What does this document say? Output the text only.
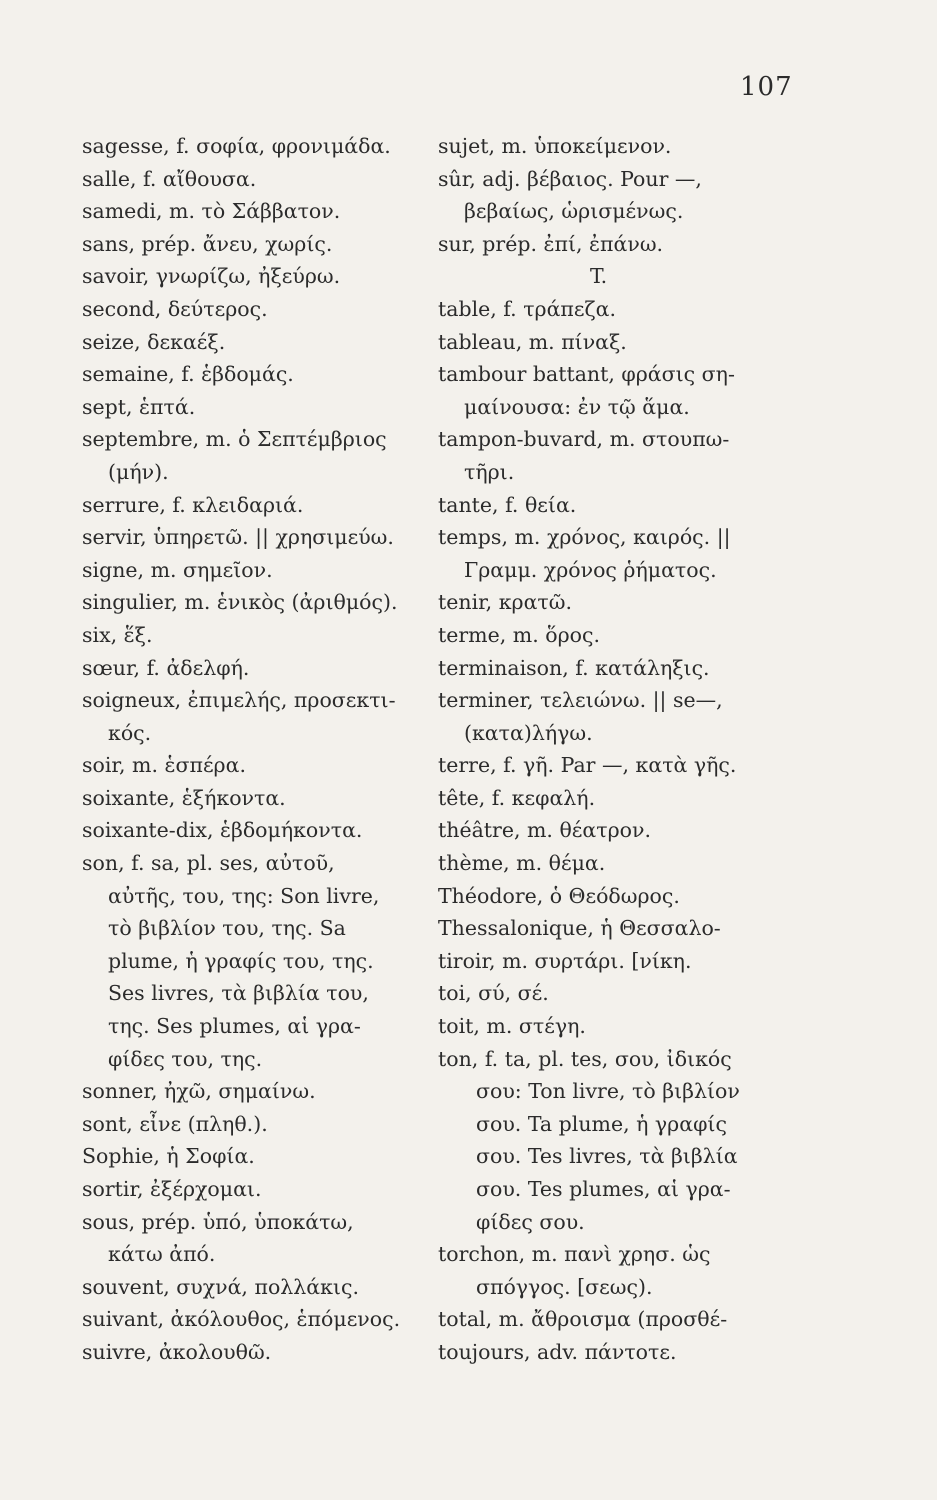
107
sagesse, f. σοφία, φρονιμάδα.
salle, f. αἴθουσα.
samedi, m. τὸ Σάββατον.
sans, prép. ἄνευ, χωρίς.
savoir, γνωρίζω, ἠξεύρω.
second, δεύτερος.
seize, δεκαέξ.
semaine, f. ἑβδομάς.
sept, ἑπτά.
septembre, m. ὁ Σεπτέμβριος
(μήν).
serrure, f. κλειδαριά.
servir, ὑπηρετῶ. || χρησιμεύω.
signe, m. σημεῖον.
singulier, m. ἑνικὸς (ἀριθμός).
six, ἕξ.
sœur, f. ἀδελφή.
soigneux, ἐπιμελής, προσεκτι-
κός.
soir, m. ἑσπέρα.
soixante, ἑξήκοντα.
soixante-dix, ἑβδομήκοντα.
son, f. sa, pl. ses, αὐτοῦ,
αὐτῆς, του, της: Son livre,
τὸ βιβλίον του, της. Sa
plume, ἡ γραφίς του, της.
Ses livres, τὰ βιβλία του,
της. Ses plumes, αἱ γρα-
φίδες του, της.
sonner, ἠχῶ, σημαίνω.
sont, εἶνε (πληθ.).
Sophie, ἡ Σοφία.
sortir, ἐξέρχομαι.
sous, prép. ὑπό, ὑποκάτω,
κάτω ἀπό.
souvent, συχνά, πολλάκις.
suivant, ἀκόλουθος, ἑπόμενος.
suivre, ἀκολουθῶ.
sujet, m. ὑποκείμενον.
sûr, adj. βέβαιος. Pour —,
βεβαίως, ὡρισμένως.
sur, prép. ἐπί, ἐπάνω.
T.
table, f. τράπεζα.
tableau, m. πίναξ.
tambour battant, φράσις ση-
μαίνουσα: ἐν τῷ ἅμα.
tampon-buvard, m. στουπω-
τῆρι.
tante, f. θεία.
temps, m. χρόνος, καιρός. ||
Γραμμ. χρόνος ῥήματος.
tenir, κρατῶ.
terme, m. ὅρος.
terminaison, f. κατάληξις.
terminer, τελειώνω. || se—,
(κατα)λήγω.
terre, f. γῆ. Par —, κατὰ γῆς.
tête, f. κεφαλή.
théâtre, m. θέατρον.
thème, m. θέμα.
Théodore, ὁ Θεόδωρος.
Thessalonique, ἡ Θεσσαλο-
tiroir, m. συρτάρι. [νίκη.
toi, σύ, σέ.
toit, m. στέγη.
ton, f. ta, pl. tes, σου, ἰδικός
σου: Ton livre, τὸ βιβλίον
σου. Ta plume, ἡ γραφίς
σου. Tes livres, τὰ βιβλία
σου. Tes plumes, αἱ γρα-
φίδες σου.
torchon, m. πανὶ χρησ. ὡς
σπόγγος. [σεως).
total, m. ἄθροισμα (προσθέ-
toujours, adv. πάντοτε.
